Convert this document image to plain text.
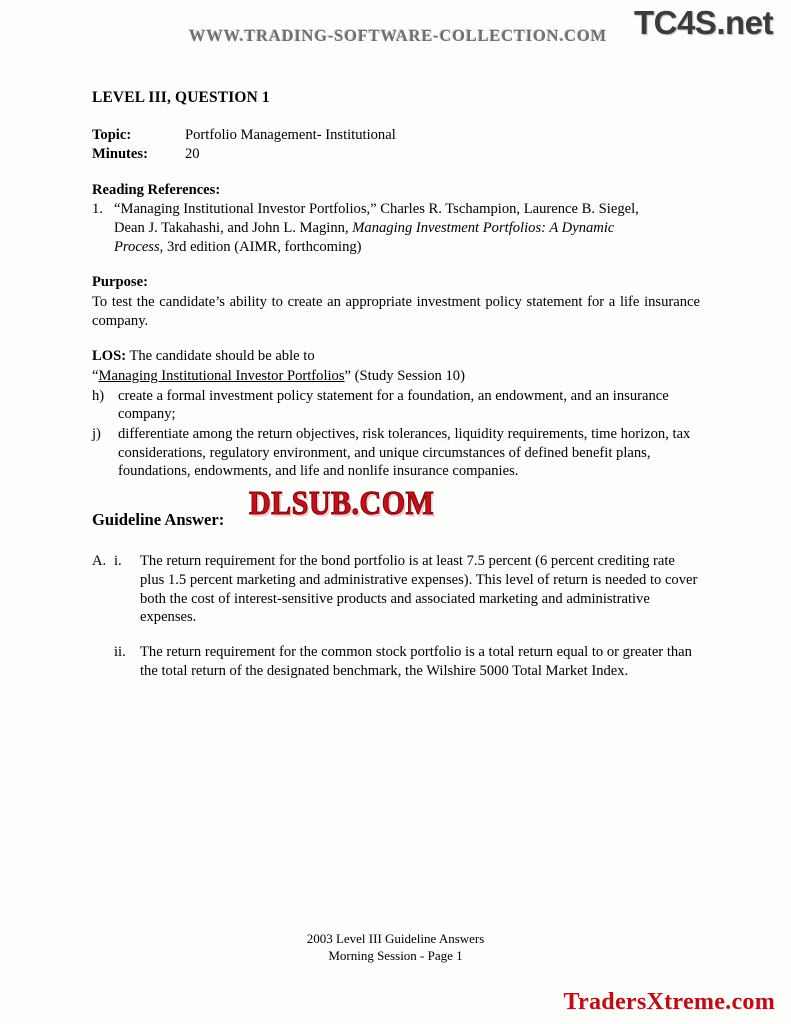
WWW.TRADING-SOFTWARE-COLLECTION.COM TC4S.net
LEVEL III, QUESTION 1
Topic:	Portfolio Management- Institutional
Minutes:	20
Reading References:
1. “Managing Institutional Investor Portfolios,” Charles R. Tschampion, Laurence B. Siegel,
Dean J. Takahashi, and John L. Maginn, Managing Investment Portfolios: A Dynamic
Process, 3rd edition (AIMR, forthcoming)
Purpose:
To test the candidate’s ability to create an appropriate investment policy statement for a life insurance company.
LOS: The candidate should be able to
“Managing Institutional Investor Portfolios” (Study Session 10)
h) create a formal investment policy statement for a foundation, an endowment, and an insurance company;
j)	differentiate among the return objectives, risk tolerances, liquidity requirements, time horizon, tax considerations, regulatory environment, and unique circumstances of defined benefit plans, foundations, endowments, and life and nonlife insurance companies.
Guideline Answer:
A. i.	The return requirement for the bond portfolio is at least 7.5 percent (6 percent crediting rate plus 1.5 percent marketing and administrative expenses). This level of return is needed to cover both the cost of interest-sensitive products and associated marketing and administrative expenses.
ii. The return requirement for the common stock portfolio is a total return equal to or greater than the total return of the designated benchmark, the Wilshire 5000 Total Market Index.
DLSUB.COM
2003 Level III Guideline Answers
Morning Session - Page 1
TradersXtreme.com
